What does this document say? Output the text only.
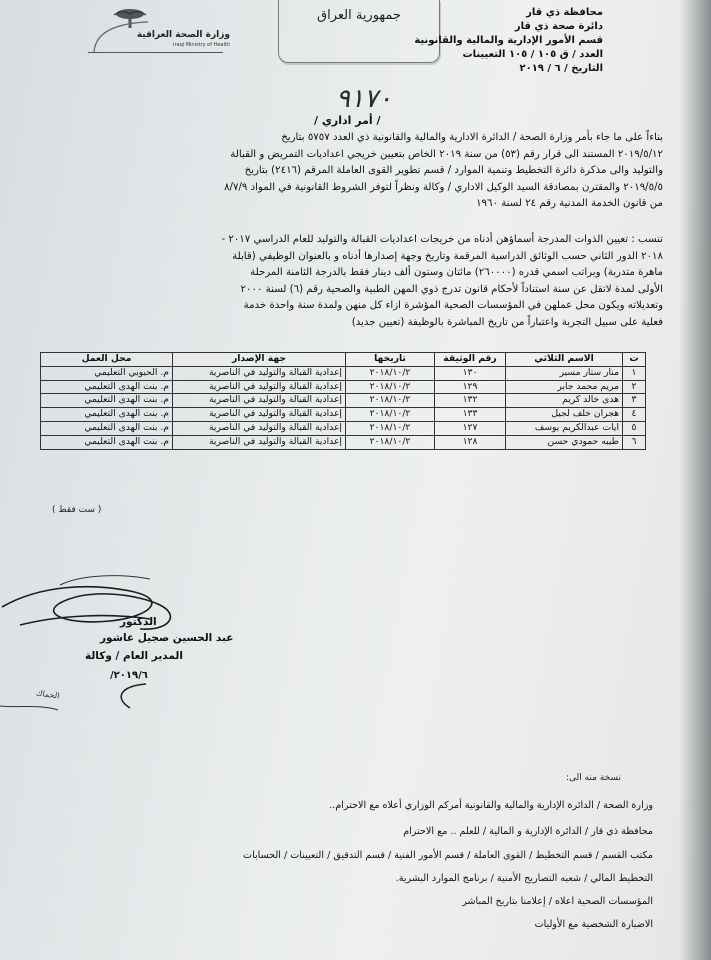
وزارة الصحة العراقية
Iraqi Ministry of Health
جمهورية العراق	محافظة ذي قار
دائرة صحة ذي قار
قسم الأمور الإدارية والمالية والقانونية
العدد / ق ١٠٥ / ١٠٥ التعيينات
التاريخ / ٦ / ٢٠١٩
٩١٧٠
/ أمر اداري /
بناءاً على ما جاء بأمر وزارة الصحة / الدائرة الادارية والمالية والقانونية ذي العدد ٥٧٥٧ بتاريخ
٢٠١٩/٥/١٢ المستند الى قرار رقم (٥٣) من سنة ٢٠١٩ الخاص بتعيين خريجي اعداديات التمريض و القبالة
والتوليد والى مذكرة دائرة التخطيط وتنمية الموارد / قسم تطوير القوى العاملة المرقم (٢٤١٦) بتاريخ
٢٠١٩/٥/٥ والمقترن بمصادقة السيد الوكيل الاداري / وكالة ونظراً لتوفر الشروط القانونية في المواد ٨/٧/٩
من قانون الخدمة المدنية رقم ٢٤ لسنة ١٩٦٠
تنسب : تعيين الذوات المدرجة أسماؤهن أدناه من خريجات اعداديات القبالة والتوليد للعام الدراسي ٢٠١٧ -
٢٠١٨ الدور الثاني حسب الوثائق الدراسية المرقمة وتاريخ وجهة إصدارها أدناه و بالعنوان الوظيفي (قابلة
ماهرة متدربة) وبراتب اسمي قدره (٢٦٠٠٠٠) مائتان وستون ألف دينار فقط بالدرجة الثامنة المرحلة
الأولى لمدة لاتقل عن سنة استناداً لأحكام قانون تدرج ذوي المهن الطبية والصحية رقم (٦) لسنة ٢٠٠٠
وتعديلاته ويكون محل عملهن في المؤسسات الصحية المؤشرة ازاء كل منهن ولمدة سنة واحدة خدمة
فعلية على سبيل التجربة واعتباراً من تاريخ المباشرة بالوظيفة (تعيين جديد)
ت	الاسم الثلاثي	رقم الوثيقة	تاريخها	جهة الإصدار	محل العمل
١	منار ستار مسير	١٣٠	٢٠١٨/١٠/٢	إعدادية القبالة والتوليد في الناصرية	م. الحبوبي التعليمي
٢	مريم محمد جابر	١٢٩	٢٠١٨/١٠/٢	إعدادية القبالة والتوليد في الناصرية	م. بنت الهدى التعليمي
٣	هدى خالد كريم	١٣٢	٢٠١٨/١٠/٢	إعدادية القبالة والتوليد في الناصرية	م. بنت الهدى التعليمي
٤	هجران خلف لجيل	١٣٣	٢٠١٨/١٠/٢	إعدادية القبالة والتوليد في الناصرية	م. بنت الهدى التعليمي
٥	ايات عبدالكريم يوسف	١٢٧	٢٠١٨/١٠/٢	إعدادية القبالة والتوليد في الناصرية	م. بنت الهدى التعليمي
٦	طيبه حمودي حسن	١٢٨	٢٠١٨/١٠/٢	إعدادية القبالة والتوليد في الناصرية	م. بنت الهدى التعليمي
( ست فقط )
الدكتور
عبد الحسين صجيل عاشور
المدير العام / وكالة
٢٠١٩/٦/
الحماك
نسخة منه الى:
وزارة الصحة / الدائرة الإدارية والمالية والقانونية أمركم الوزاري أعلاه مع الاحترام..
محافظة ذي قار / الدائرة الإدارية و المالية / للعلم .. مع الاحترام
مكتب القسم / قسم التخطيط / القوى العاملة / قسم الأمور الفنية / قسم التدقيق / التعيينات / الحسابات
التخطيط المالي / شعبه التصاريح الأمنية / برنامج الموارد البشرية.
المؤسسات الصحية اعلاه / إعلامنا بتاريخ المباشر
الاضبارة الشخصية مع الأوليات
